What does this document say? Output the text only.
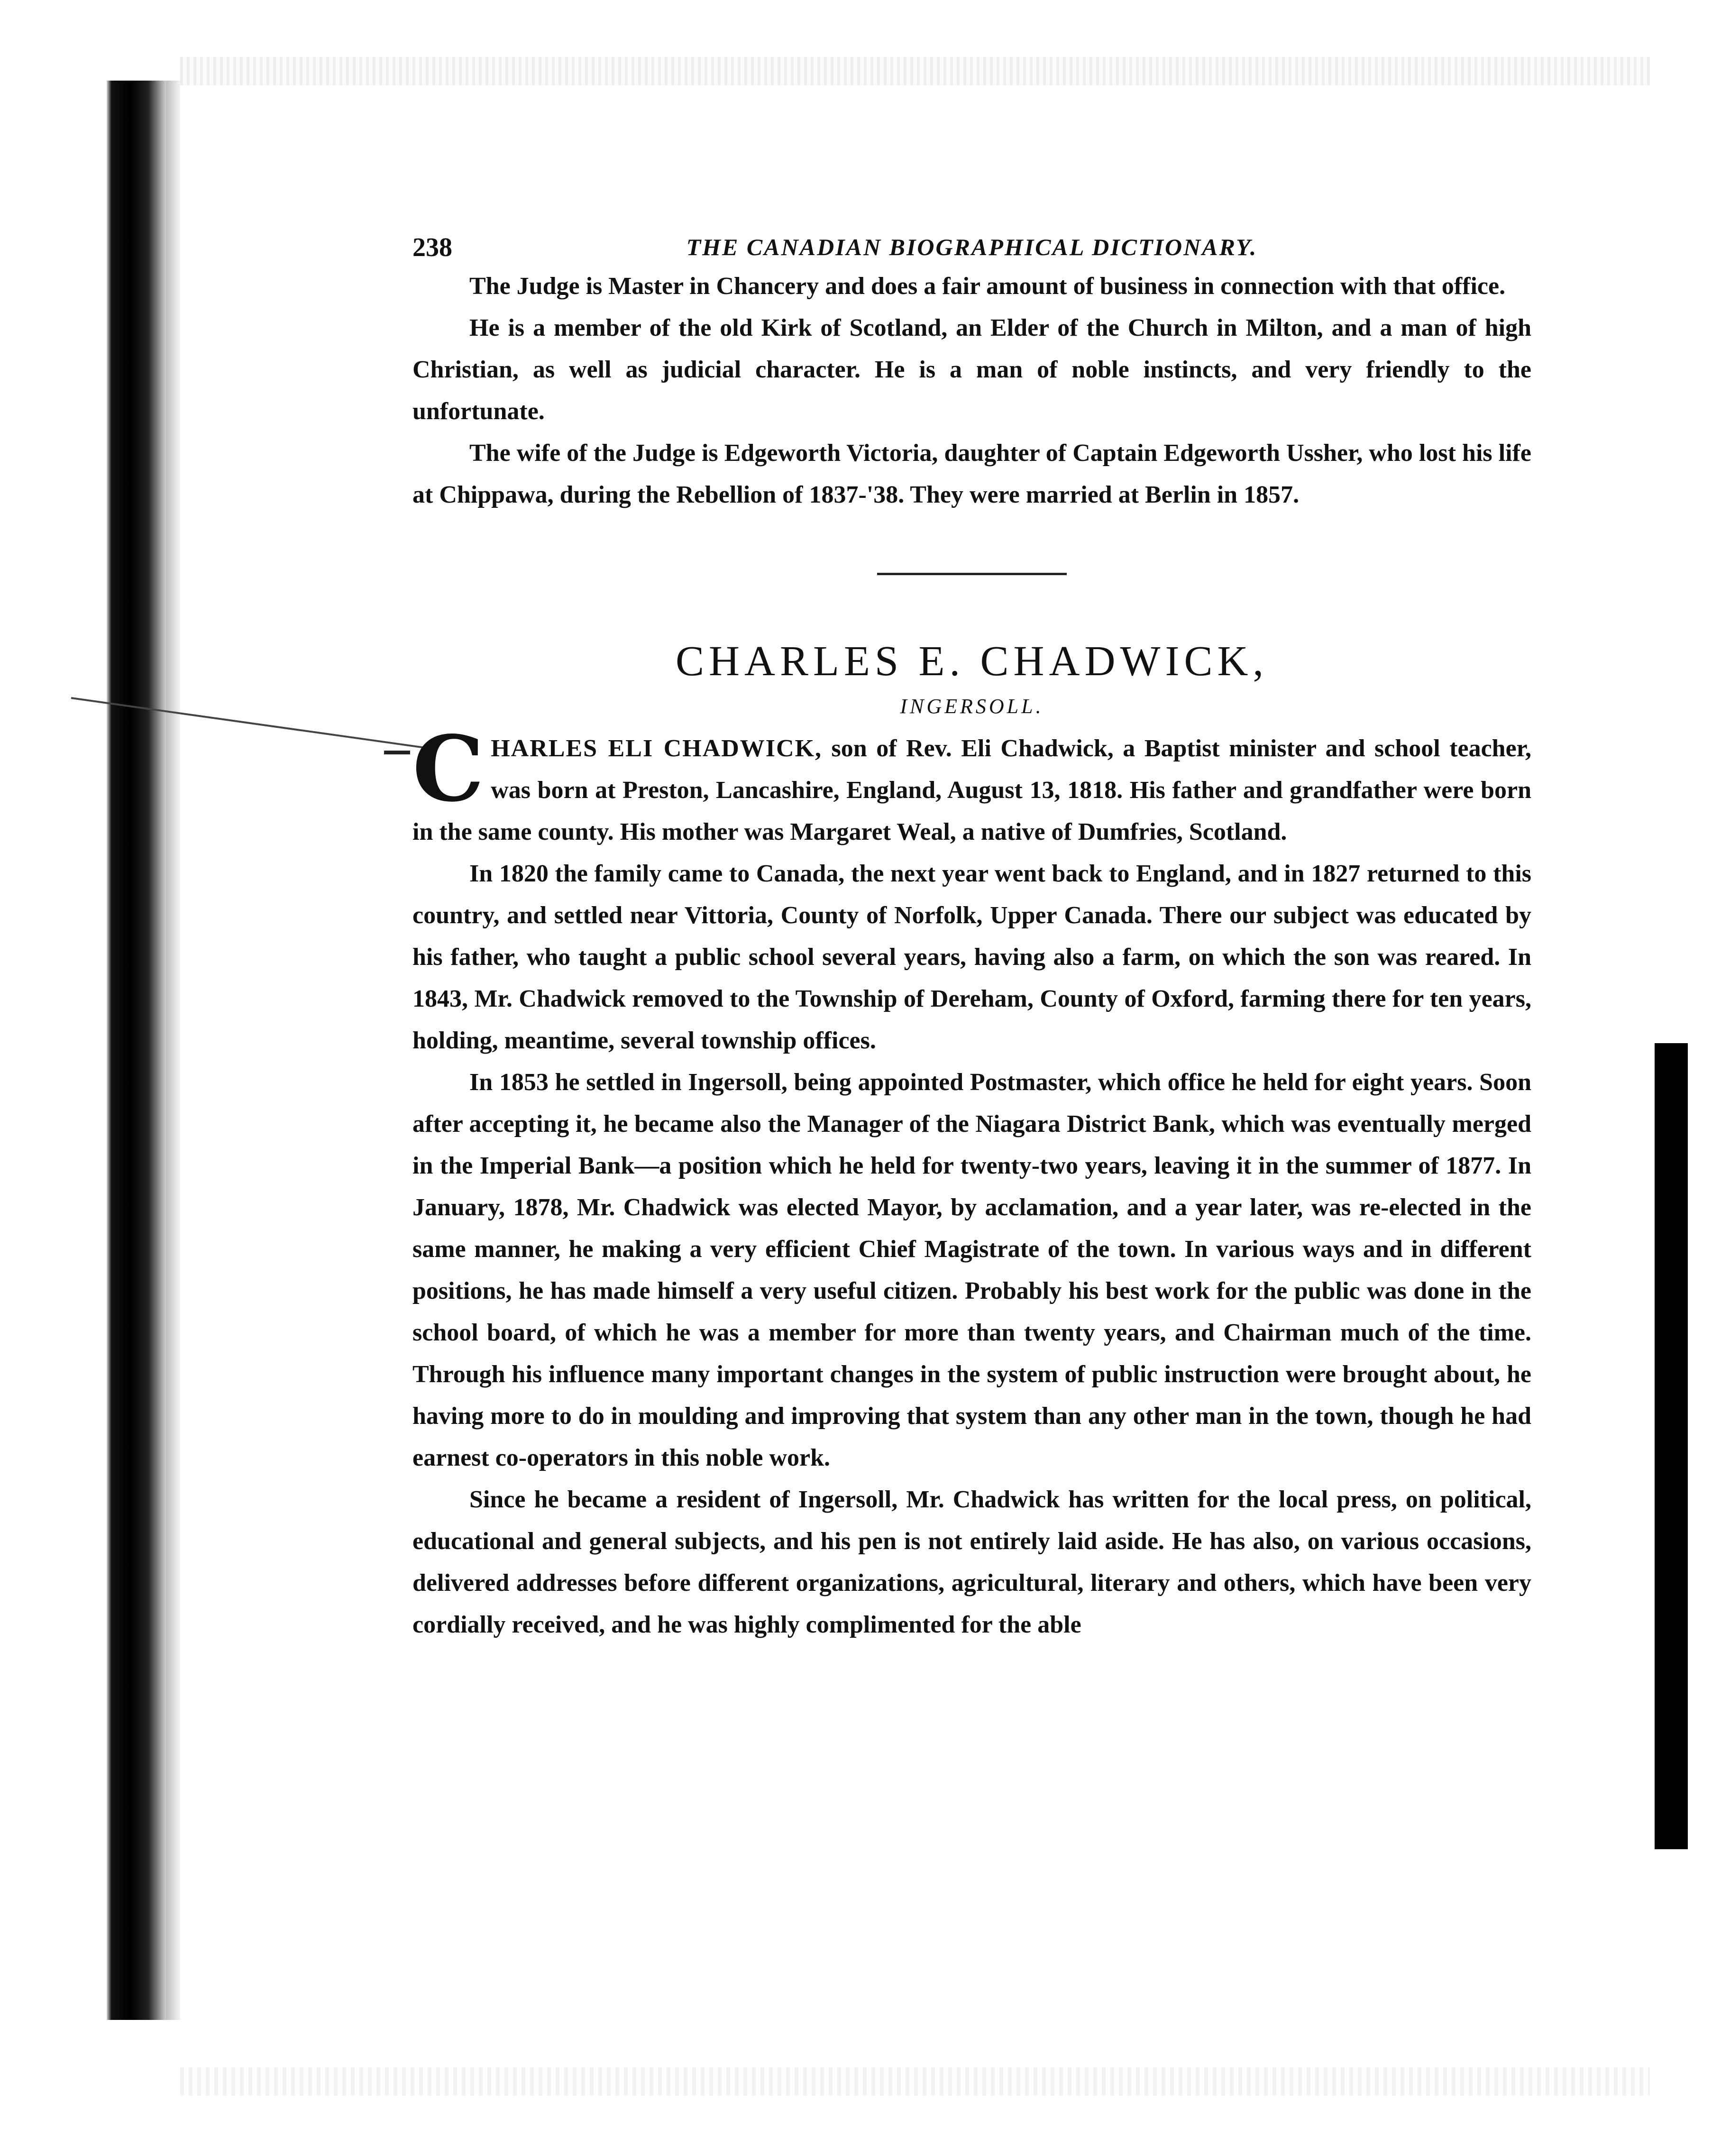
238	THE CANADIAN BIOGRAPHICAL DICTIONARY.

The Judge is Master in Chancery and does a fair amount of business in connection with that office.

He is a member of the old Kirk of Scotland, an Elder of the Church in Milton, and a man of high Christian, as well as judicial character. He is a man of noble instincts, and very friendly to the unfortunate.

The wife of the Judge is Edgeworth Victoria, daughter of Captain Edgeworth Ussher, who lost his life at Chippawa, during the Rebellion of 1837-'38. They were married at Berlin in 1857.

CHARLES E. CHADWICK,
INGERSOLL.

CHARLES ELI CHADWICK, son of Rev. Eli Chadwick, a Baptist minister and school teacher, was born at Preston, Lancashire, England, August 13, 1818. His father and grandfather were born in the same county. His mother was Margaret Weal, a native of Dumfries, Scotland.

In 1820 the family came to Canada, the next year went back to England, and in 1827 returned to this country, and settled near Vittoria, County of Norfolk, Upper Canada. There our subject was educated by his father, who taught a public school several years, having also a farm, on which the son was reared. In 1843, Mr. Chadwick removed to the Township of Dereham, County of Oxford, farming there for ten years, holding, meantime, several township offices.

In 1853 he settled in Ingersoll, being appointed Postmaster, which office he held for eight years. Soon after accepting it, he became also the Manager of the Niagara District Bank, which was eventually merged in the Imperial Bank—a position which he held for twenty-two years, leaving it in the summer of 1877. In January, 1878, Mr. Chadwick was elected Mayor, by acclamation, and a year later, was re-elected in the same manner, he making a very efficient Chief Magistrate of the town. In various ways and in different positions, he has made himself a very useful citizen. Probably his best work for the public was done in the school board, of which he was a member for more than twenty years, and Chairman much of the time. Through his influence many important changes in the system of public instruction were brought about, he having more to do in moulding and improving that system than any other man in the town, though he had earnest co-operators in this noble work.

Since he became a resident of Ingersoll, Mr. Chadwick has written for the local press, on political, educational and general subjects, and his pen is not entirely laid aside. He has also, on various occasions, delivered addresses before different organizations, agricultural, literary and others, which have been very cordially received, and he was highly complimented for the able
